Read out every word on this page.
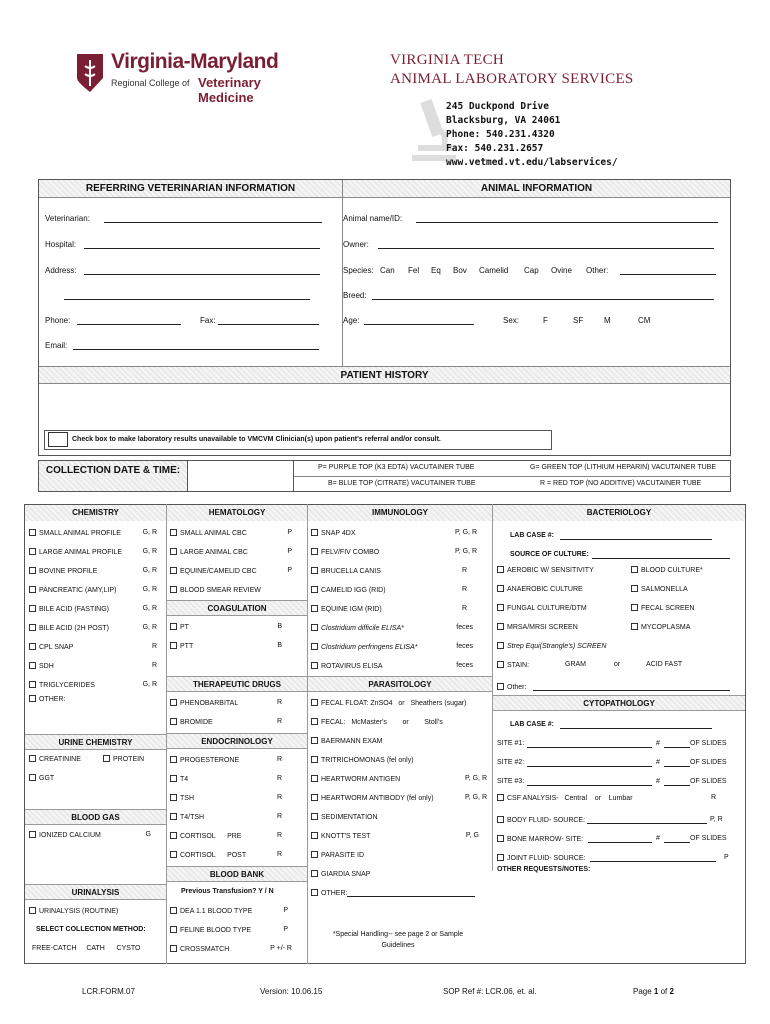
Virginia-Maryland
Regional College of Veterinary Medicine
VIRGINIA TECH
ANIMAL LABORATORY SERVICES
245 Duckpond Drive
Blacksburg, VA 24061
Phone: 540.231.4320
Fax: 540.231.2657
www.vetmed.vt.edu/labservices/
REFERRING VETERINARIAN INFORMATION	ANIMAL INFORMATION
Veterinarian:
Hospital:
Address:
Phone:	Fax:
Email:
Animal name/ID:
Owner:
Species: Can Fel Eq Bov Camelid Cap Ovine Other:
Breed:
Age:	Sex:	F	SF	M	CM
PATIENT HISTORY
Check box to make laboratory results unavailable to VMCVM Clinician(s) upon patient's referral and/or consult.
COLLECTION DATE & TIME:	P= PURPLE TOP (K3 EDTA) VACUTAINER TUBE	G= GREEN TOP (LITHIUM HEPARIN) VACUTAINER TUBE
B= BLUE TOP (CITRATE) VACUTAINER TUBE	R = RED TOP (NO ADDITIVE) VACUTAINER TUBE
CHEMISTRY	HEMATOLOGY	IMMUNOLOGY	BACTERIOLOGY
SMALL ANIMAL PROFILE	G, R
LARGE ANIMAL PROFILE	G, R
BOVINE PROFILE	G, R
PANCREATIC (AMY,LIP)	G, R
BILE ACID (FASTING)	G, R
BILE ACID (2H POST)	G, R
CPL SNAP	R
SDH	R
TRIGLYCERIDES	G, R
OTHER:
URINE CHEMISTRY
CREATININE	PROTEIN
GGT
BLOOD GAS
IONIZED CALCIUM	G
URINALYSIS
URINALYSIS (ROUTINE)
SELECT COLLECTION METHOD:
FREE-CATCH     CATH      CYSTO
SMALL ANIMAL CBC	P
LARGE ANIMAL CBC	P
EQUINE/CAMELID CBC	P
BLOOD SMEAR REVIEW
COAGULATION
PT	B
PTT	B
THERAPEUTIC DRUGS
PHENOBARBITAL	R
BROMIDE	R
ENDOCRINOLOGY
PROGESTERONE	R
T4	R
TSH	R
T4/TSH	R
CORTISOL      PRE	R
CORTISOL      POST	R
BLOOD BANK
Previous Transfusion? Y / N
DEA 1.1 BLOOD TYPE	P
FELINE BLOOD TYPE	P
CROSSMATCH	P +/- R
SNAP 4DX	P, G, R
FELV/FIV COMBO	P, G, R
BRUCELLA CANIS	R
CAMELID IGG (RID)	R
EQUINE IGM (RID)	R
Clostridium difficile ELISA*	feces
Clostridium perfringens ELISA*	feces
ROTAVIRUS ELISA	feces
PARASITOLOGY
FECAL FLOAT: ZnSO4   or   Sheathers (sugar)
FECAL:   McMaster's        or        Stoll's
BAERMANN EXAM
TRITRICHOMONAS (fel only)
HEARTWORM ANTIGEN	P, G, R
HEARTWORM ANTIBODY (fel only)	P, G, R
SEDIMENTATION
KNOTT'S TEST	P, G
PARASITE ID
GIARDIA SNAP
OTHER:
*Special Handling-- see page 2 or Sample Guidelines
LAB CASE #:
SOURCE OF CULTURE:
AEROBIC W/ SENSITIVITY
ANAEROBIC CULTURE
FUNGAL CULTURE/DTM
MRSA/MRSI SCREEN
Strep Equi(Strangle's) SCREEN
BLOOD CULTURE*
SALMONELLA
FECAL SCREEN
MYCOPLASMA
STAIN:	GRAM	or	ACID FAST
Other:
CYTOPATHOLOGY
LAB CASE #:
SITE #1:	#	OF SLIDES
SITE #2:	#	OF SLIDES
SITE #3:	#	OF SLIDES
CSF ANALYSIS-   Central    or    Lumbar	R
BODY FLUID- SOURCE:	P, R
BONE MARROW- SITE:	#	OF SLIDES
JOINT FLUID- SOURCE:	P
OTHER REQUESTS/NOTES:
LCR.FORM.07	Version: 10.06.15	SOP Ref #: LCR.06, et. al.	Page 1 of 2
